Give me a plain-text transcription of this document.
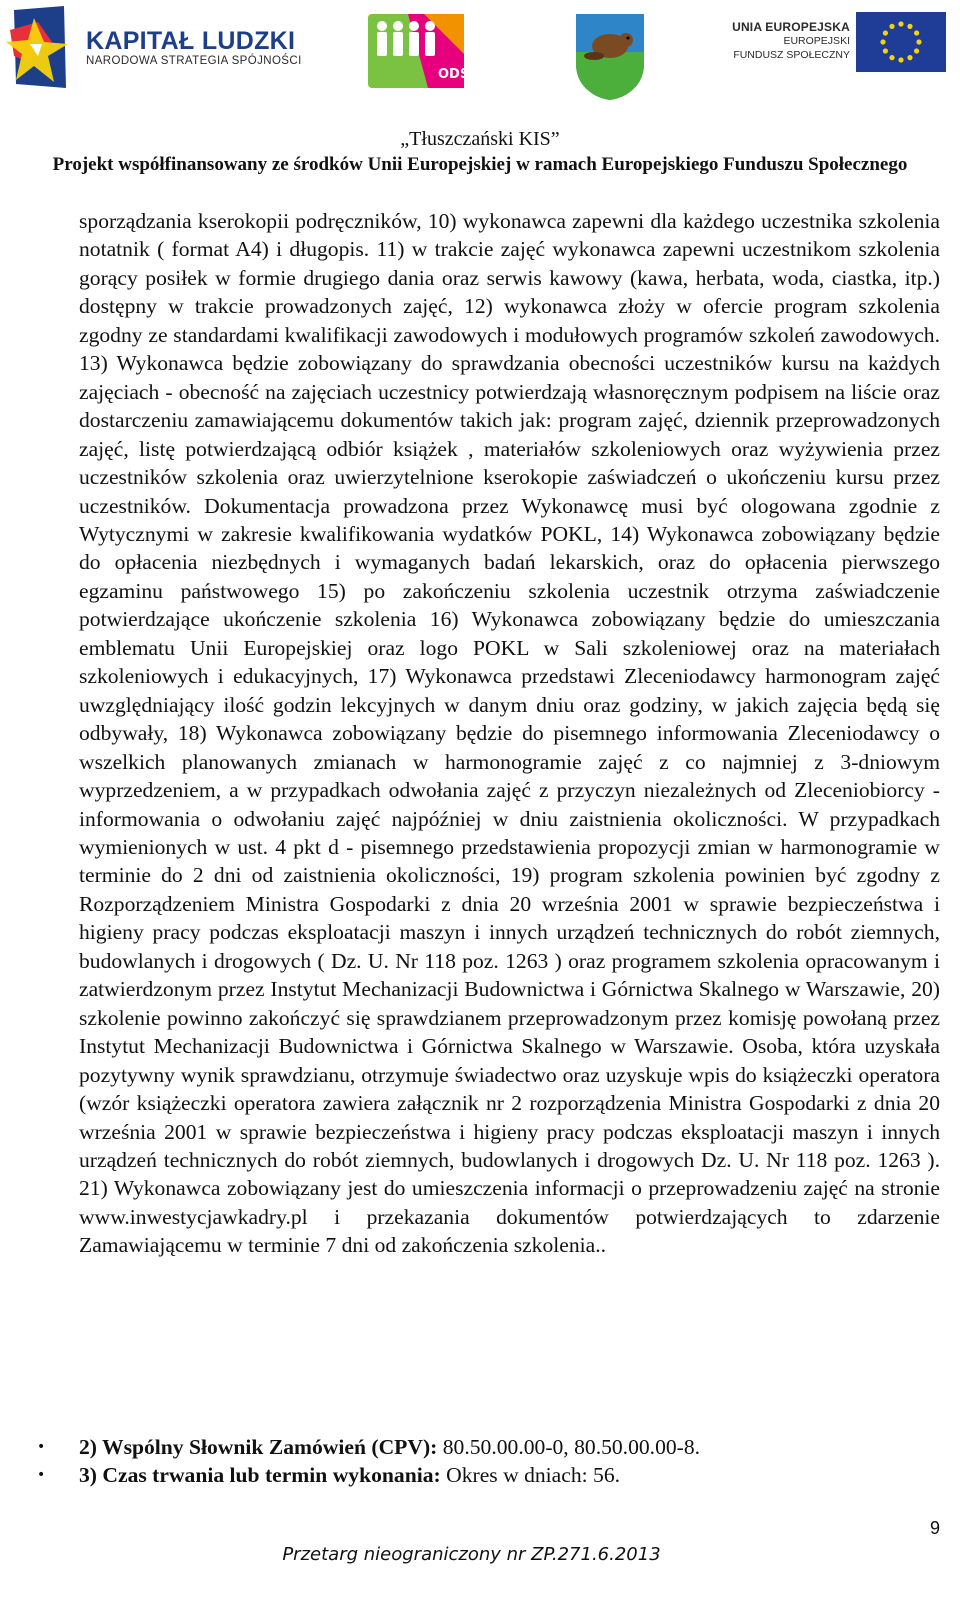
KAPITAŁ LUDZKI
NARODOWA STRATEGIA SPÓJNOŚCI
ODS
UNIA EUROPEJSKA
EUROPEJSKI
FUNDUSZ SPOŁECZNY
„Tłuszczański KIS”
Projekt współfinansowany ze środków Unii Europejskiej w ramach Europejskiego Funduszu Społecznego

sporządzania kserokopii podręczników, 10) wykonawca zapewni dla każdego uczestnika szkolenia notatnik ( format A4) i długopis. 11) w trakcie zajęć wykonawca zapewni uczestnikom szkolenia gorący posiłek w formie drugiego dania oraz serwis kawowy (kawa, herbata, woda, ciastka, itp.) dostępny w trakcie prowadzonych zajęć, 12) wykonawca złoży w ofercie program szkolenia zgodny ze standardami kwalifikacji zawodowych i modułowych programów szkoleń zawodowych. 13) Wykonawca będzie zobowiązany do sprawdzania obecności uczestników kursu na każdych zajęciach - obecność na zajęciach uczestnicy potwierdzają własnoręcznym podpisem na liście oraz dostarczeniu zamawiającemu dokumentów takich jak: program zajęć, dziennik przeprowadzonych zajęć, listę potwierdzającą odbiór książek , materiałów szkoleniowych oraz wyżywienia przez uczestników szkolenia oraz uwierzytelnione kserokopie zaświadczeń o ukończeniu kursu przez uczestników. Dokumentacja prowadzona przez Wykonawcę musi być ologowana zgodnie z Wytycznymi w zakresie kwalifikowania wydatków POKL, 14) Wykonawca zobowiązany będzie do opłacenia niezbędnych i wymaganych badań lekarskich, oraz do opłacenia pierwszego egzaminu państwowego 15) po zakończeniu szkolenia uczestnik otrzyma zaświadczenie potwierdzające ukończenie szkolenia 16) Wykonawca zobowiązany będzie do umieszczania emblematu Unii Europejskiej oraz logo POKL w Sali szkoleniowej oraz na materiałach szkoleniowych i edukacyjnych, 17) Wykonawca przedstawi Zleceniodawcy harmonogram zajęć uwzględniający ilość godzin lekcyjnych w danym dniu oraz godziny, w jakich zajęcia będą się odbywały, 18) Wykonawca zobowiązany będzie do pisemnego informowania Zleceniodawcy o wszelkich planowanych zmianach w harmonogramie zajęć z co najmniej z 3-dniowym wyprzedzeniem, a w przypadkach odwołania zajęć z przyczyn niezależnych od Zleceniobiorcy - informowania o odwołaniu zajęć najpóźniej w dniu zaistnienia okoliczności. W przypadkach wymienionych w ust. 4 pkt d - pisemnego przedstawienia propozycji zmian w harmonogramie w terminie do 2 dni od zaistnienia okoliczności, 19) program szkolenia powinien być zgodny z Rozporządzeniem Ministra Gospodarki z dnia 20 września 2001 w sprawie bezpieczeństwa i higieny pracy podczas eksploatacji maszyn i innych urządzeń technicznych do robót ziemnych, budowlanych i drogowych ( Dz. U. Nr 118 poz. 1263 ) oraz programem szkolenia opracowanym i zatwierdzonym przez Instytut Mechanizacji Budownictwa i Górnictwa Skalnego w Warszawie, 20) szkolenie powinno zakończyć się sprawdzianem przeprowadzonym przez komisję powołaną przez Instytut Mechanizacji Budownictwa i Górnictwa Skalnego w Warszawie. Osoba, która uzyskała pozytywny wynik sprawdzianu, otrzymuje świadectwo oraz uzyskuje wpis do książeczki operatora (wzór książeczki operatora zawiera załącznik nr 2 rozporządzenia Ministra Gospodarki z dnia 20 września 2001 w sprawie bezpieczeństwa i higieny pracy podczas eksploatacji maszyn i innych urządzeń technicznych do robót ziemnych, budowlanych i drogowych Dz. U. Nr 118 poz. 1263 ). 21) Wykonawca zobowiązany jest do umieszczenia informacji o przeprowadzeniu zajęć na stronie www.inwestycjawkadry.pl i przekazania dokumentów potwierdzających to zdarzenie Zamawiającemu w terminie 7 dni od zakończenia szkolenia..

• 2) Wspólny Słownik Zamówień (CPV): 80.50.00.00-0, 80.50.00.00-8.
• 3) Czas trwania lub termin wykonania: Okres w dniach: 56.
9
Przetarg nieograniczony nr ZP.271.6.2013
